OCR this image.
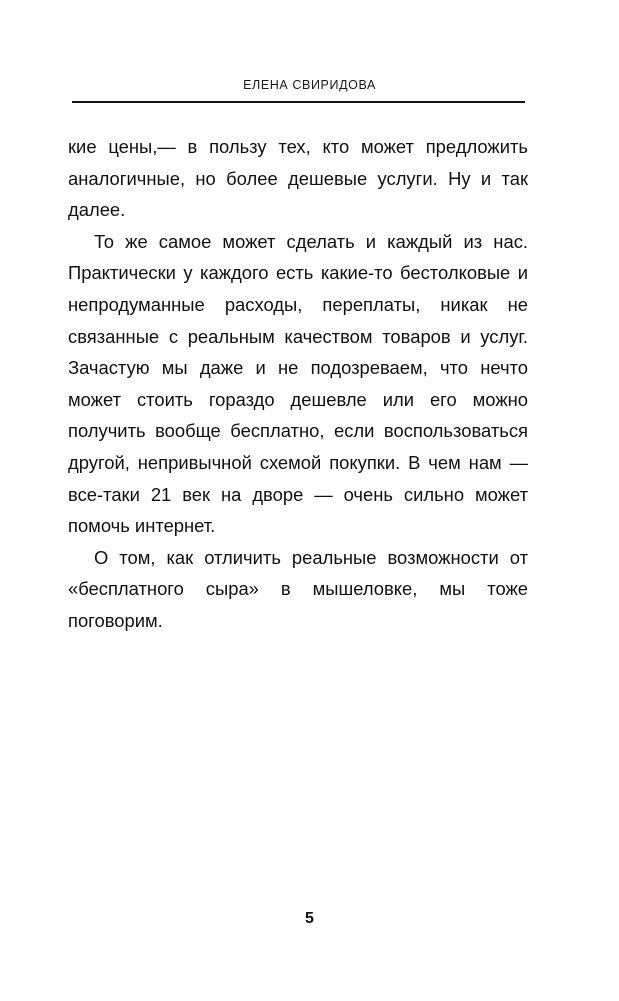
ЕЛЕНА СВИРИДОВА

кие цены,— в пользу тех, кто может предложить аналогичные, но более дешевые услуги. Ну и так далее.

То же самое может сделать и каждый из нас. Практически у каждого есть какие-то бестолковые и непродуманные расходы, переплаты, никак не связанные с реальным качеством товаров и услуг. Зачастую мы даже и не подозреваем, что нечто может стоить гораздо дешевле или его можно получить вообще бесплатно, если воспользоваться другой, непривычной схемой покупки. В чем нам — все-таки 21 век на дворе — очень сильно может помочь интернет.

О том, как отличить реальные возможности от «бесплатного сыра» в мышеловке, мы тоже поговорим.

5
